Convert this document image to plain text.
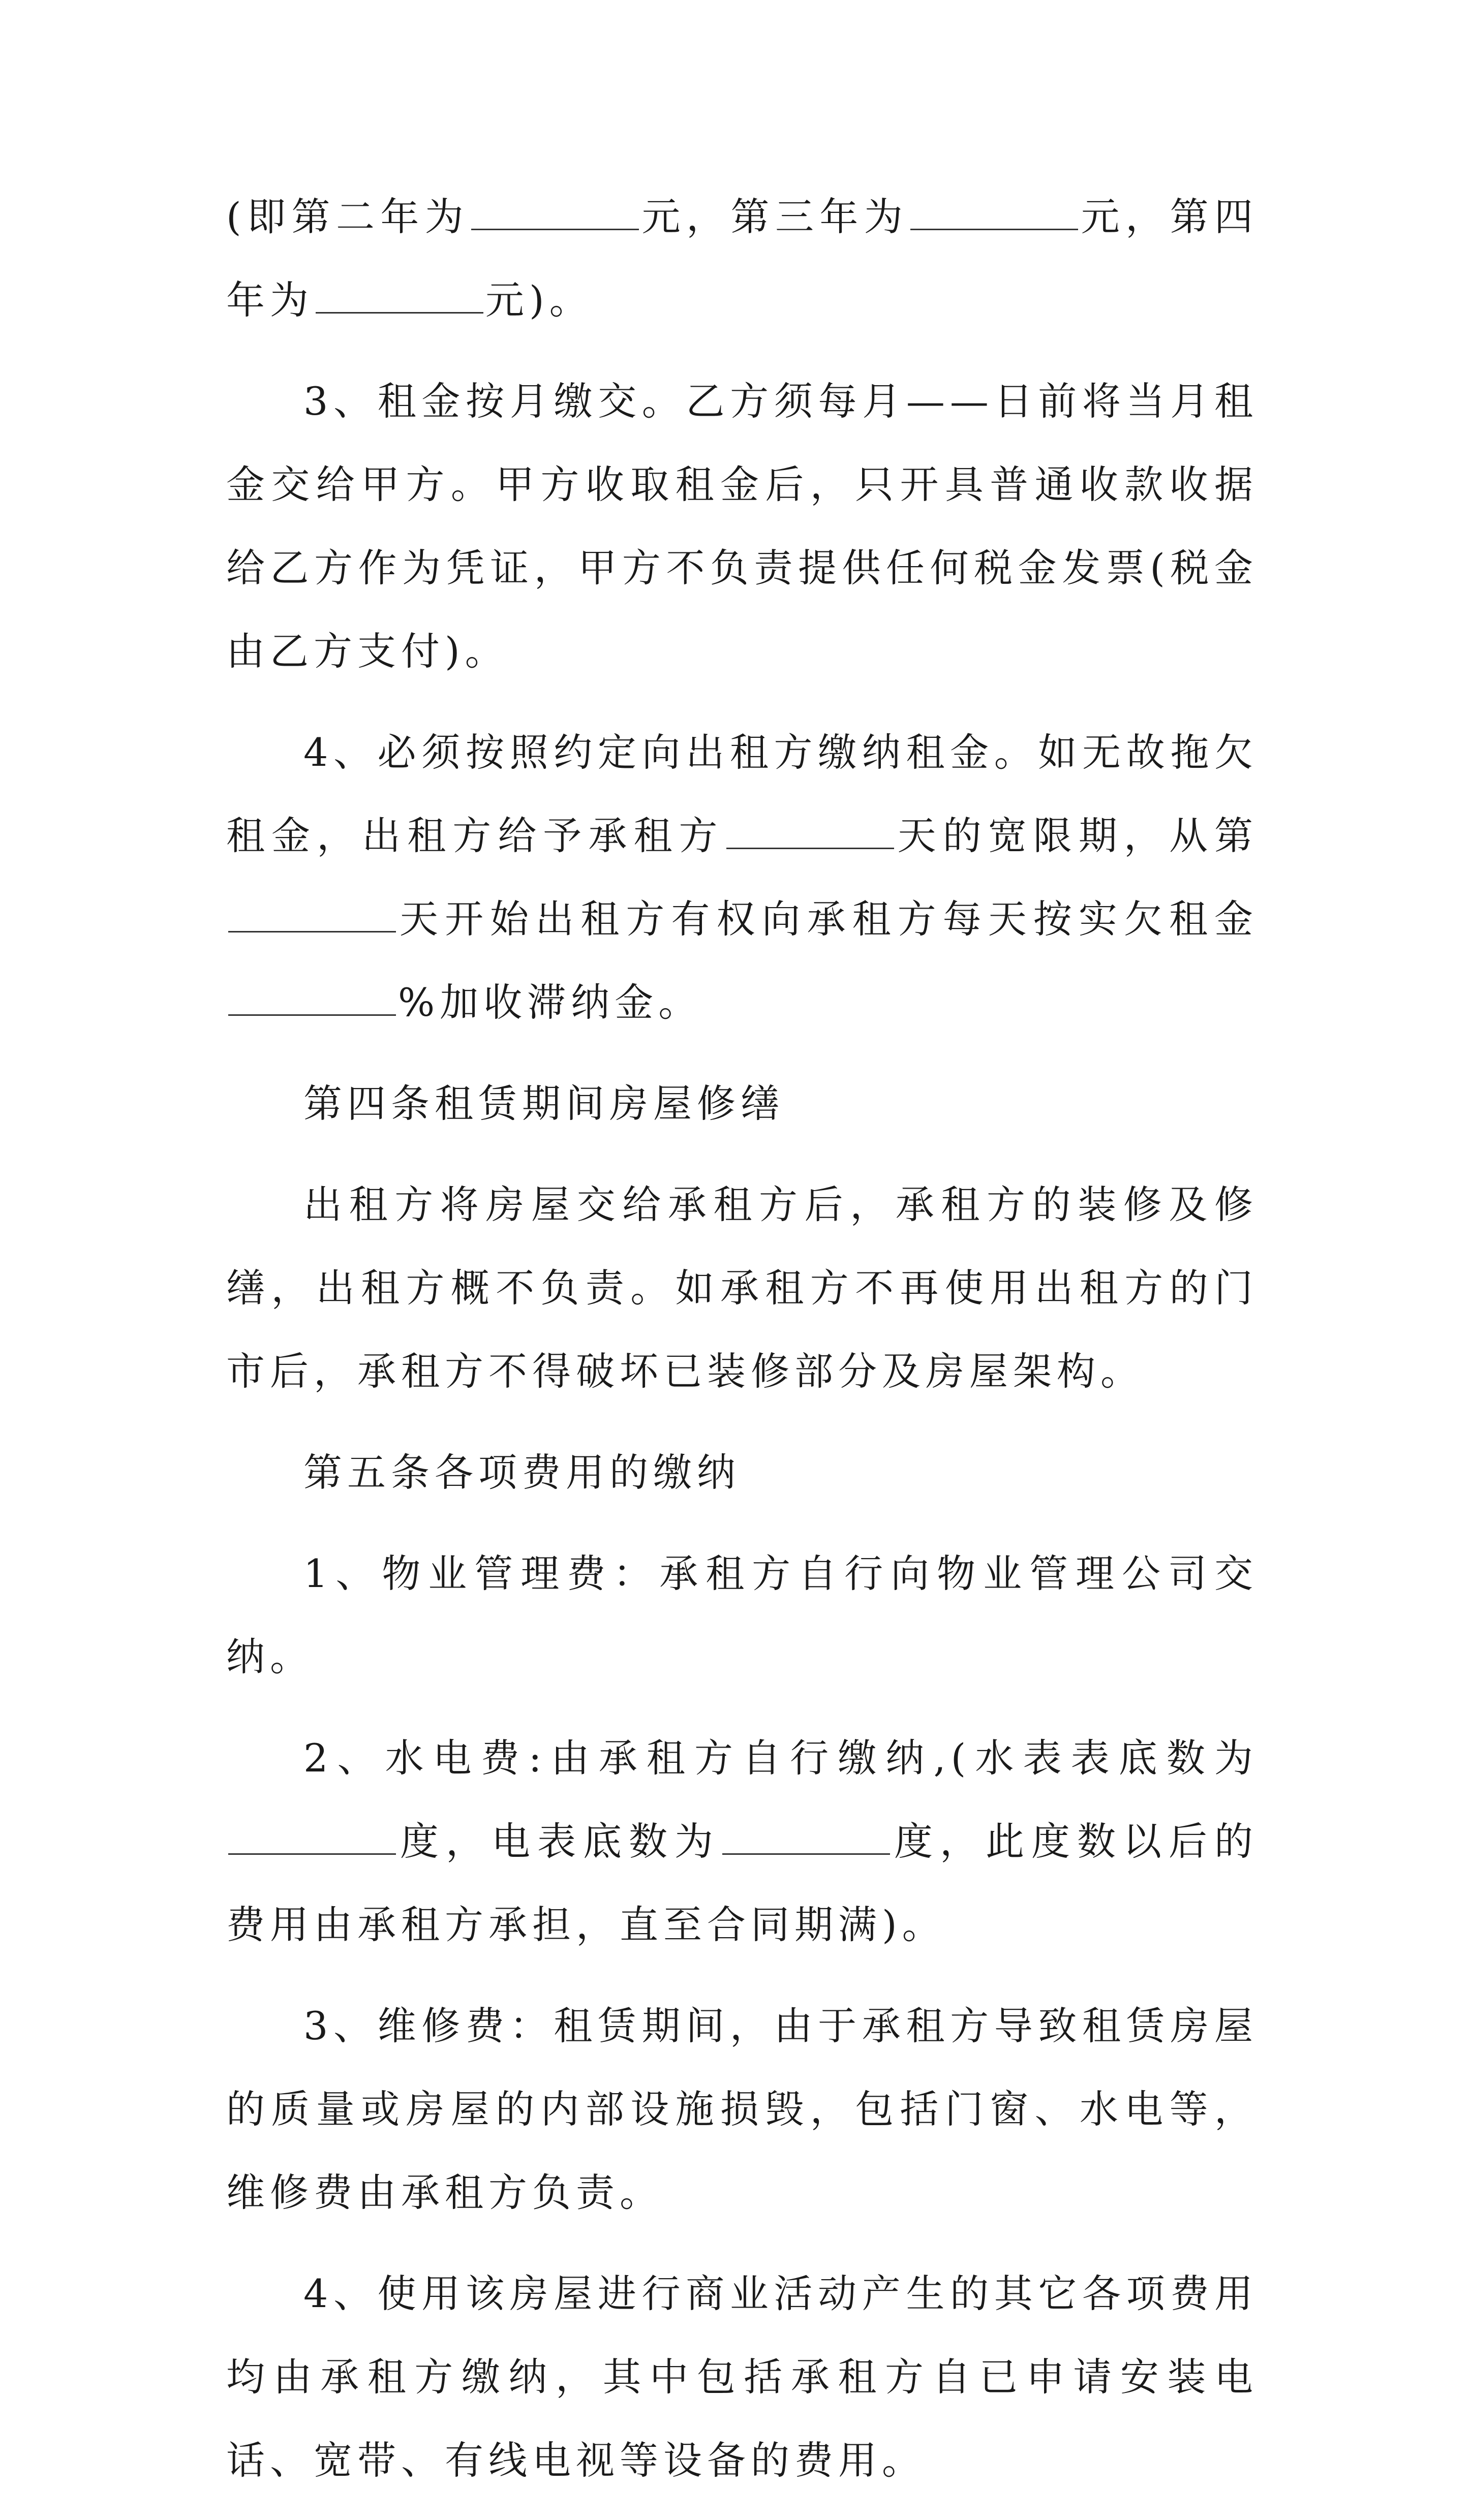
(即第二年为	元，第三年为	元，第四年为	元)。

3、租金按月缴交。乙方须每月——日前将当月租金交给甲方。甲方收取租金后，只开具普通收款收据给乙方作为凭证，甲方不负责提供任何税金发票(税金由乙方支付)。

4、必须按照约定向出租方缴纳租金。如无故拖欠租金，出租方给予承租方	天的宽限期，从第天开始出租方有权向承租方每天按实欠租金%加收滞纳金。

第四条租赁期间房屋修缮

出租方将房屋交给承租方后，承租方的装修及修缮，出租方概不负责。如承租方不再使用出租方的门市后，承租方不得破坏已装修部分及房屋架构。

第五条各项费用的缴纳

1、物业管理费：承租方自行向物业管理公司交纳。

2、水电费:由承租方自行缴纳,(水表表底数为度，电表底数为	度，此度数以后的费用由承租方承担，直至合同期满)。

3、维修费：租赁期间，由于承租方导致租赁房屋的质量或房屋的内部设施损毁，包括门窗、水电等，维修费由承租方负责。

4、使用该房屋进行商业活动产生的其它各项费用均由承租方缴纳，其中包括承租方自已申请安装电话、宽带、有线电视等设备的费用。
